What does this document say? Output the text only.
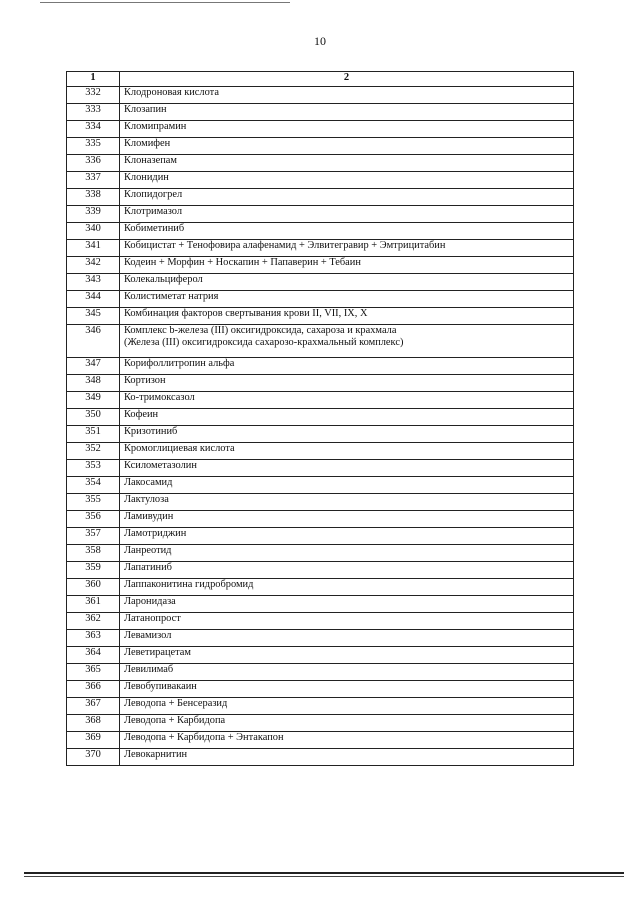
10
1	2
332	Клодроновая кислота

333	Клозапин

334	Кломипрамин

335	Кломифен

336	Клоназепам

337	Клонидин

338	Клопидогрел

339	Клотримазол

340	Кобиметиниб

341	Кобицистат + Тенофовира алафенамид + Элвитегравир + Эмтрицитабин

342	Кодеин + Морфин + Носкапин + Папаверин + Тебаин

343	Колекальциферол

344	Колистиметат натрия

345	Комбинация факторов свертывания крови II, VII, IX, X

346	Комплекс b-железа (III) оксигидроксида, сахароза и крахмала
(Железа (III) оксигидроксида сахарозо-крахмальный комплекс)

347	Корифоллитропин альфа

348	Кортизон

349	Ко-тримоксазол

350	Кофеин

351	Кризотиниб

352	Кромоглициевая кислота

353	Ксилометазолин

354	Лакосамид

355	Лактулоза

356	Ламивудин

357	Ламотриджин

358	Ланреотид

359	Лапатиниб

360	Лаппаконитина гидробромид

361	Ларонидаза

362	Латанопрост

363	Левамизол

364	Леветирацетам

365	Левилимаб

366	Левобупивакаин

367	Леводопа + Бенсеразид

368	Леводопа + Карбидопа

369	Леводопа + Карбидопа + Энтакапон

370	Левокарнитин
